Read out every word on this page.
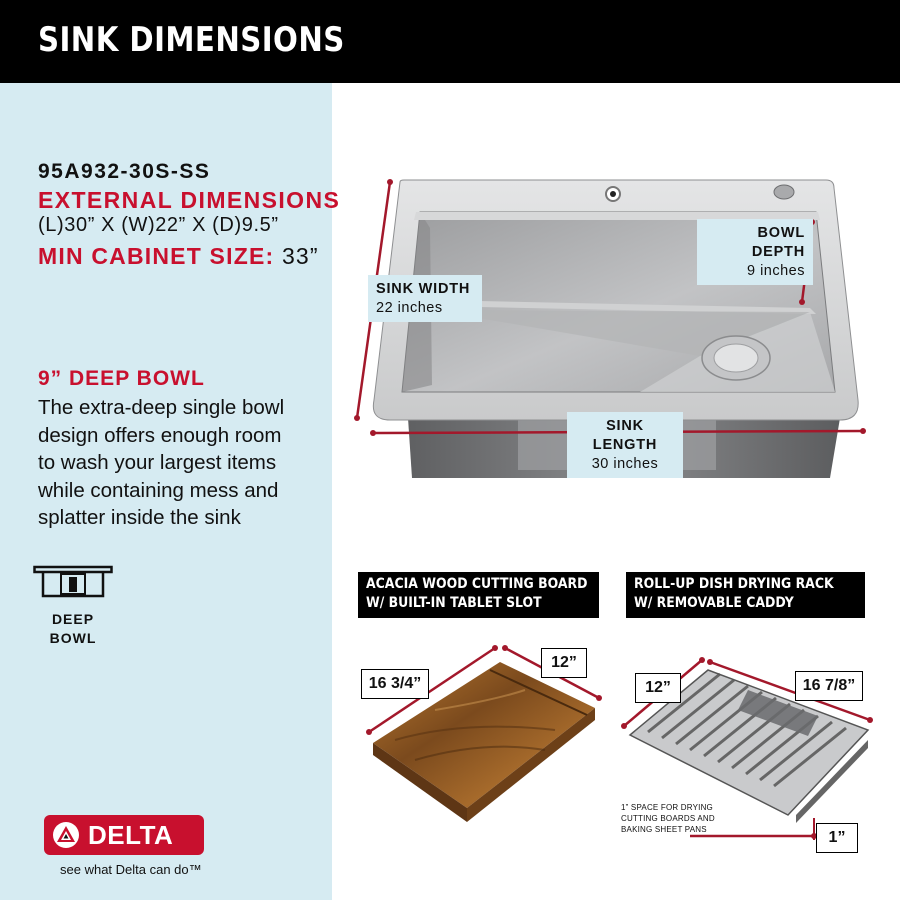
SINK DIMENSIONS
95A932-30S-SS
EXTERNAL DIMENSIONS
(L)30” X (W)22” X (D)9.5”
MIN CABINET SIZE: 33”
9” DEEP BOWL
The extra-deep single bowl
design offers enough room
to wash your largest items
while containing mess and
splatter inside the sink
DEEP
BOWL
DELTA
see what Delta can do™
BOWL DEPTH
9 inches
SINK WIDTH
22 inches
SINK LENGTH
30 inches
ACACIA WOOD CUTTING BOARD
W/ BUILT-IN TABLET SLOT
16 3/4”
12”
ROLL-UP DISH DRYING RACK
W/ REMOVABLE CADDY
12”	16 7/8”
1”
1” SPACE FOR DRYING
CUTTING BOARDS AND
BAKING SHEET PANS
